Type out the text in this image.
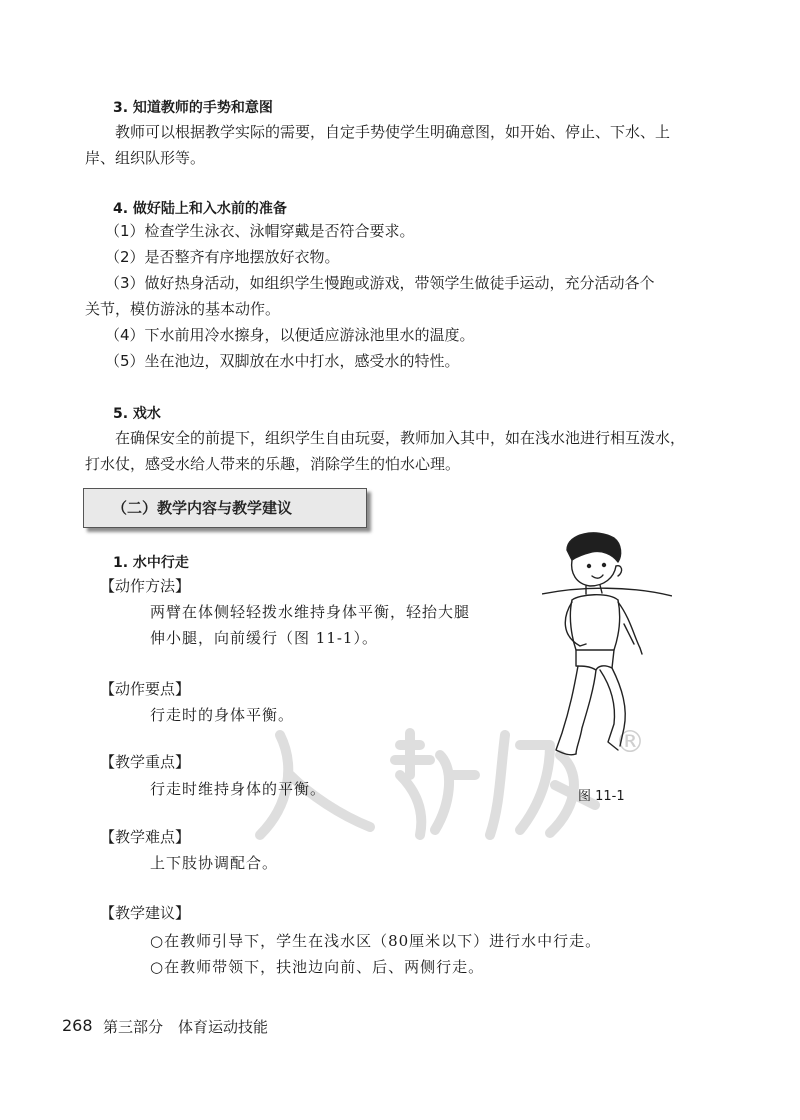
3. 知道教师的手势和意图
教师可以根据教学实际的需要，自定手势使学生明确意图，如开始、停止、下水、上岸、组织队形等。
4. 做好陆上和入水前的准备
（1）检查学生泳衣、泳帽穿戴是否符合要求。
（2）是否整齐有序地摆放好衣物。
（3）做好热身活动，如组织学生慢跑或游戏，带领学生做徒手运动，充分活动各个
关节，模仿游泳的基本动作。
（4）下水前用冷水擦身，以便适应游泳池里水的温度。
（5）坐在池边，双脚放在水中打水，感受水的特性。
5. 戏水
在确保安全的前提下，组织学生自由玩耍，教师加入其中，如在浅水池进行相互泼水，打水仗，感受水给人带来的乐趣，消除学生的怕水心理。
（二）教学内容与教学建议
®
1. 水中行走
【动作方法】
两臂在体侧轻轻拨水维持身体平衡，轻抬大腿
伸小腿，向前缓行（图 11-1）。
【动作要点】
行走时的身体平衡。
【教学重点】
行走时维持身体的平衡。
【教学难点】
上下肢协调配合。
【教学建议】
○在教师引导下，学生在浅水区（80厘米以下）进行水中行走。
○在教师带领下，扶池边向前、后、两侧行走。
图 11-1
268 第三部分　体育运动技能
